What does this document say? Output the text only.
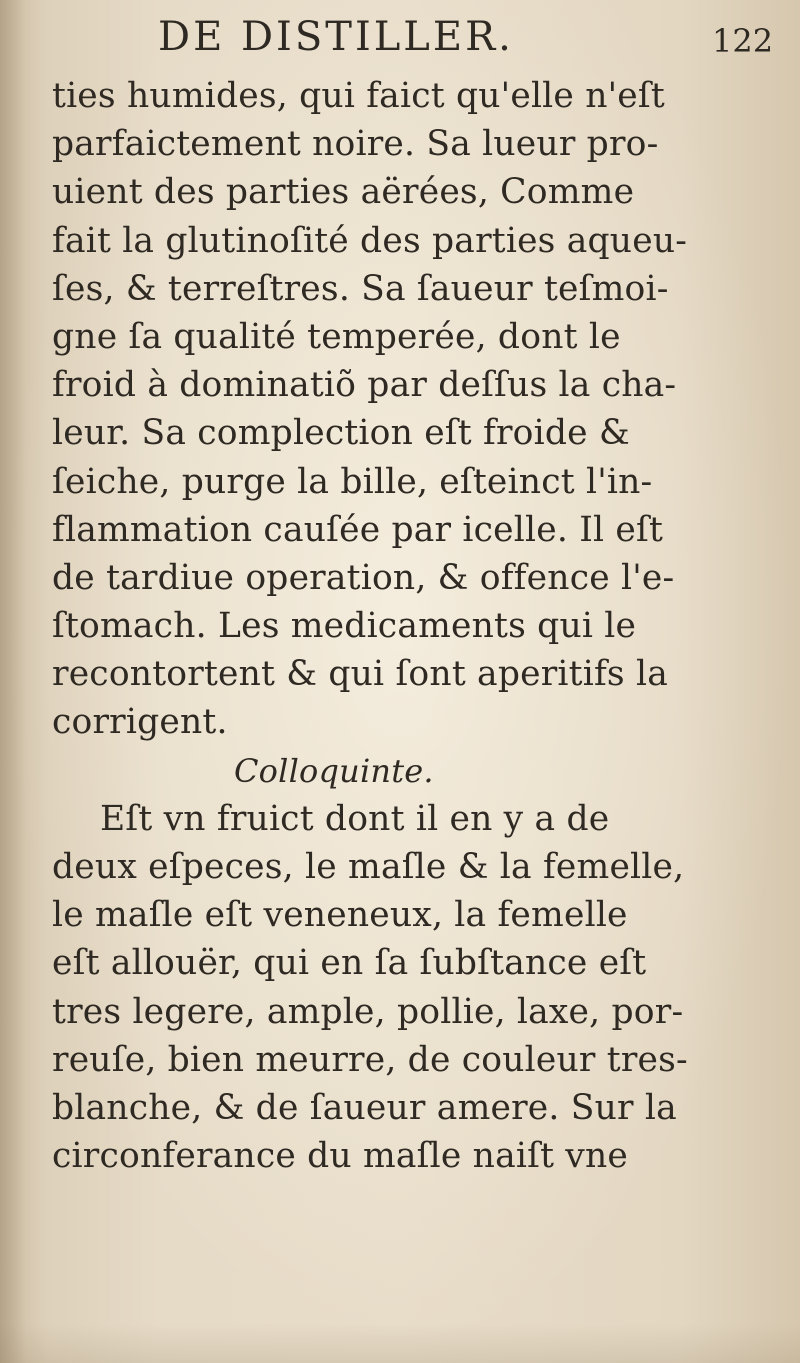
DE DISTILLER.	122
ties humides, qui faict qu'elle n'eſt
parfaictement noire. Sa lueur pro-
uient des parties aërées, Comme
fait la glutinoſité des parties aqueu-
ſes, & terreſtres. Sa ſaueur teſmoi-
gne ſa qualité temperée, dont le
froid à dominatiõ par deſſus la cha-
leur. Sa complection eſt froide &
ſeiche, purge la bille, eſteinct l'in-
flammation cauſée par icelle. Il eſt
de tardiue operation, & offence l'e-
ſtomach. Les medicaments qui le
recontortent & qui ſont aperitifs la
corrigent.
Colloquinte.
Eſt vn fruict dont il en y a de
deux eſpeces, le maſle & la femelle,
le maſle eſt veneneux, la femelle
eſt allouër, qui en ſa ſubſtance eſt
tres legere, ample, pollie, laxe, por-
reuſe, bien meurre, de couleur tres-
blanche, & de ſaueur amere. Sur la
circonferance du maſle naiſt vne
